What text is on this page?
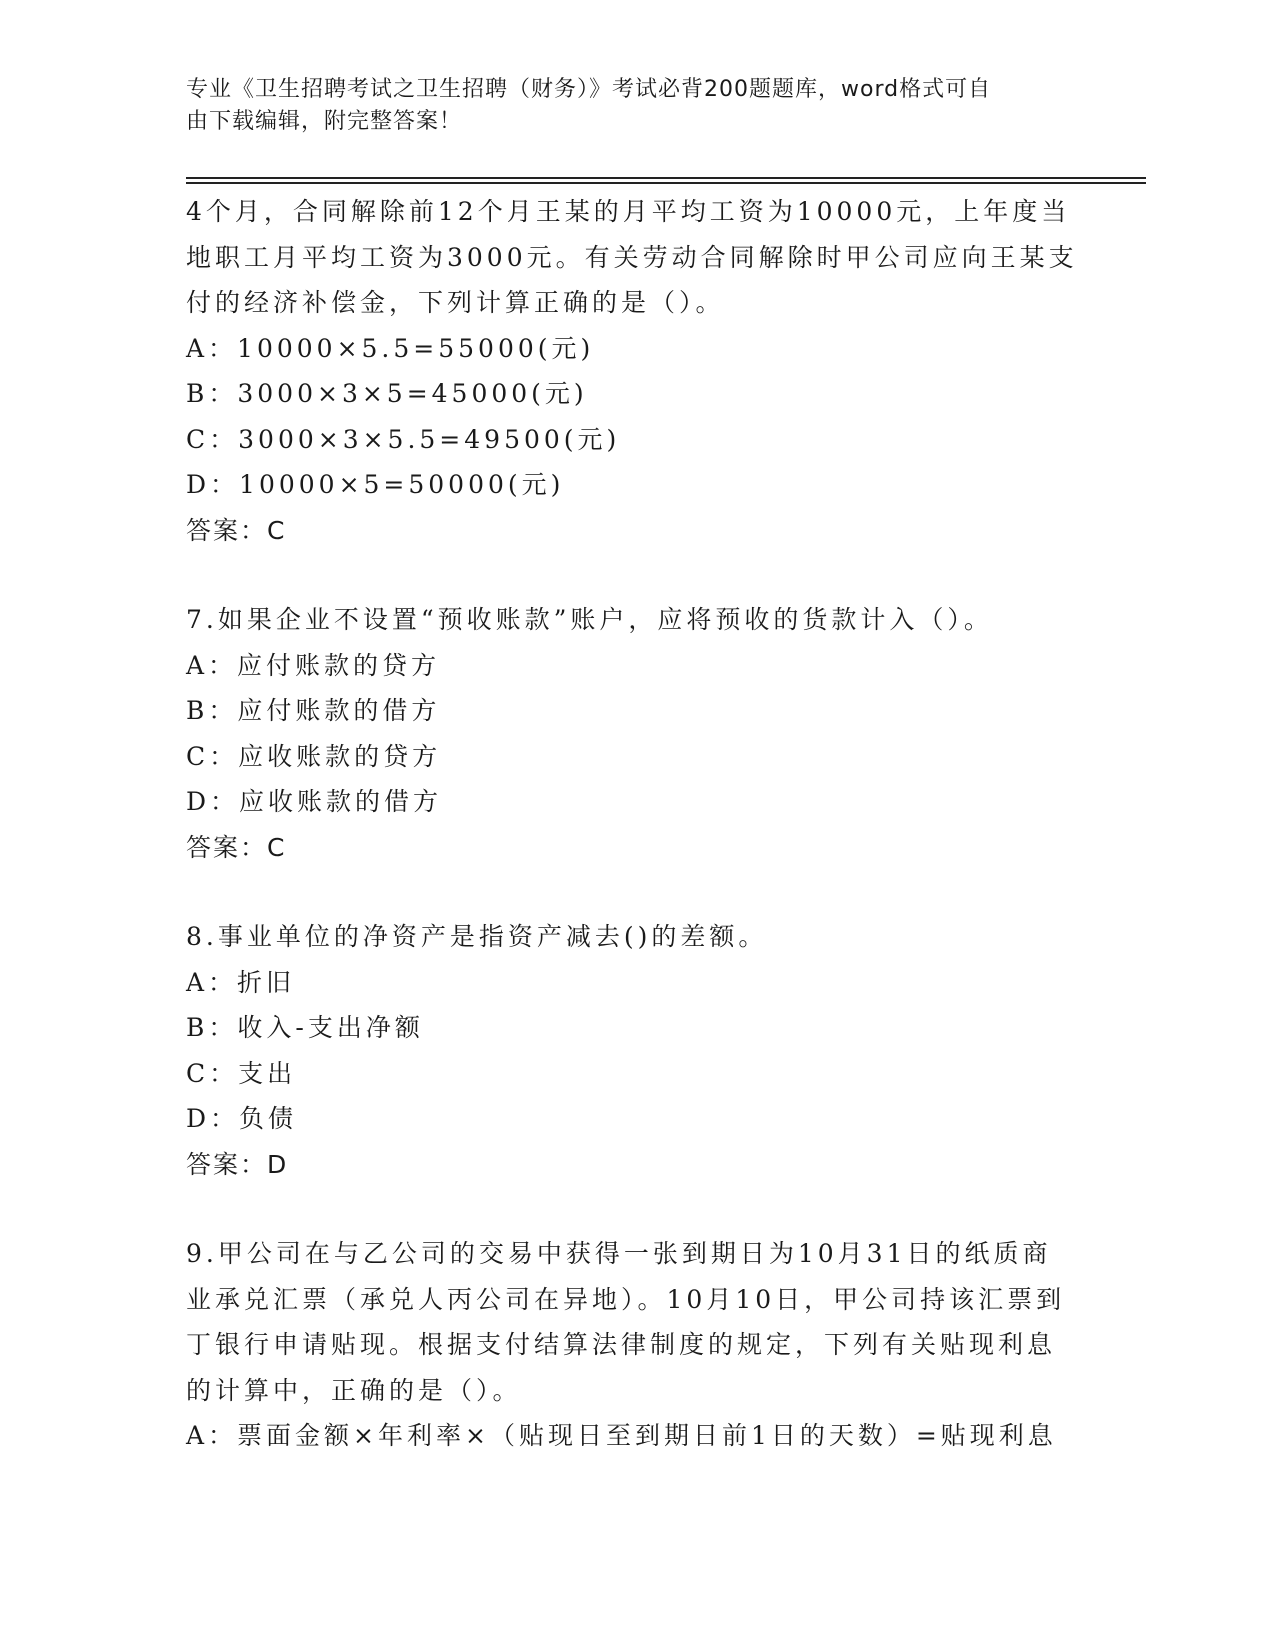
专业《卫生招聘考试之卫生招聘（财务）》考试必背200题题库，word格式可自
由下载编辑，附完整答案！
4个月，合同解除前12个月王某的月平均工资为10000元，上年度当
地职工月平均工资为3000元。有关劳动合同解除时甲公司应向王某支
付的经济补偿金，下列计算正确的是（）。
A：10000×5.5=55000(元)
B：3000×3×5=45000(元)
C：3000×3×5.5=49500(元)
D：10000×5=50000(元)
答案：C
7.如果企业不设置“预收账款”账户，应将预收的货款计入（）。
A：应付账款的贷方
B：应付账款的借方
C：应收账款的贷方
D：应收账款的借方
答案：C
8.事业单位的净资产是指资产减去()的差额。
A：折旧
B：收入-支出净额
C：支出
D：负债
答案：D
9.甲公司在与乙公司的交易中获得一张到期日为10月31日的纸质商
业承兑汇票（承兑人丙公司在异地）。10月10日，甲公司持该汇票到
丁银行申请贴现。根据支付结算法律制度的规定，下列有关贴现利息
的计算中，正确的是（）。
A：票面金额×年利率×（贴现日至到期日前1日的天数）=贴现利息
